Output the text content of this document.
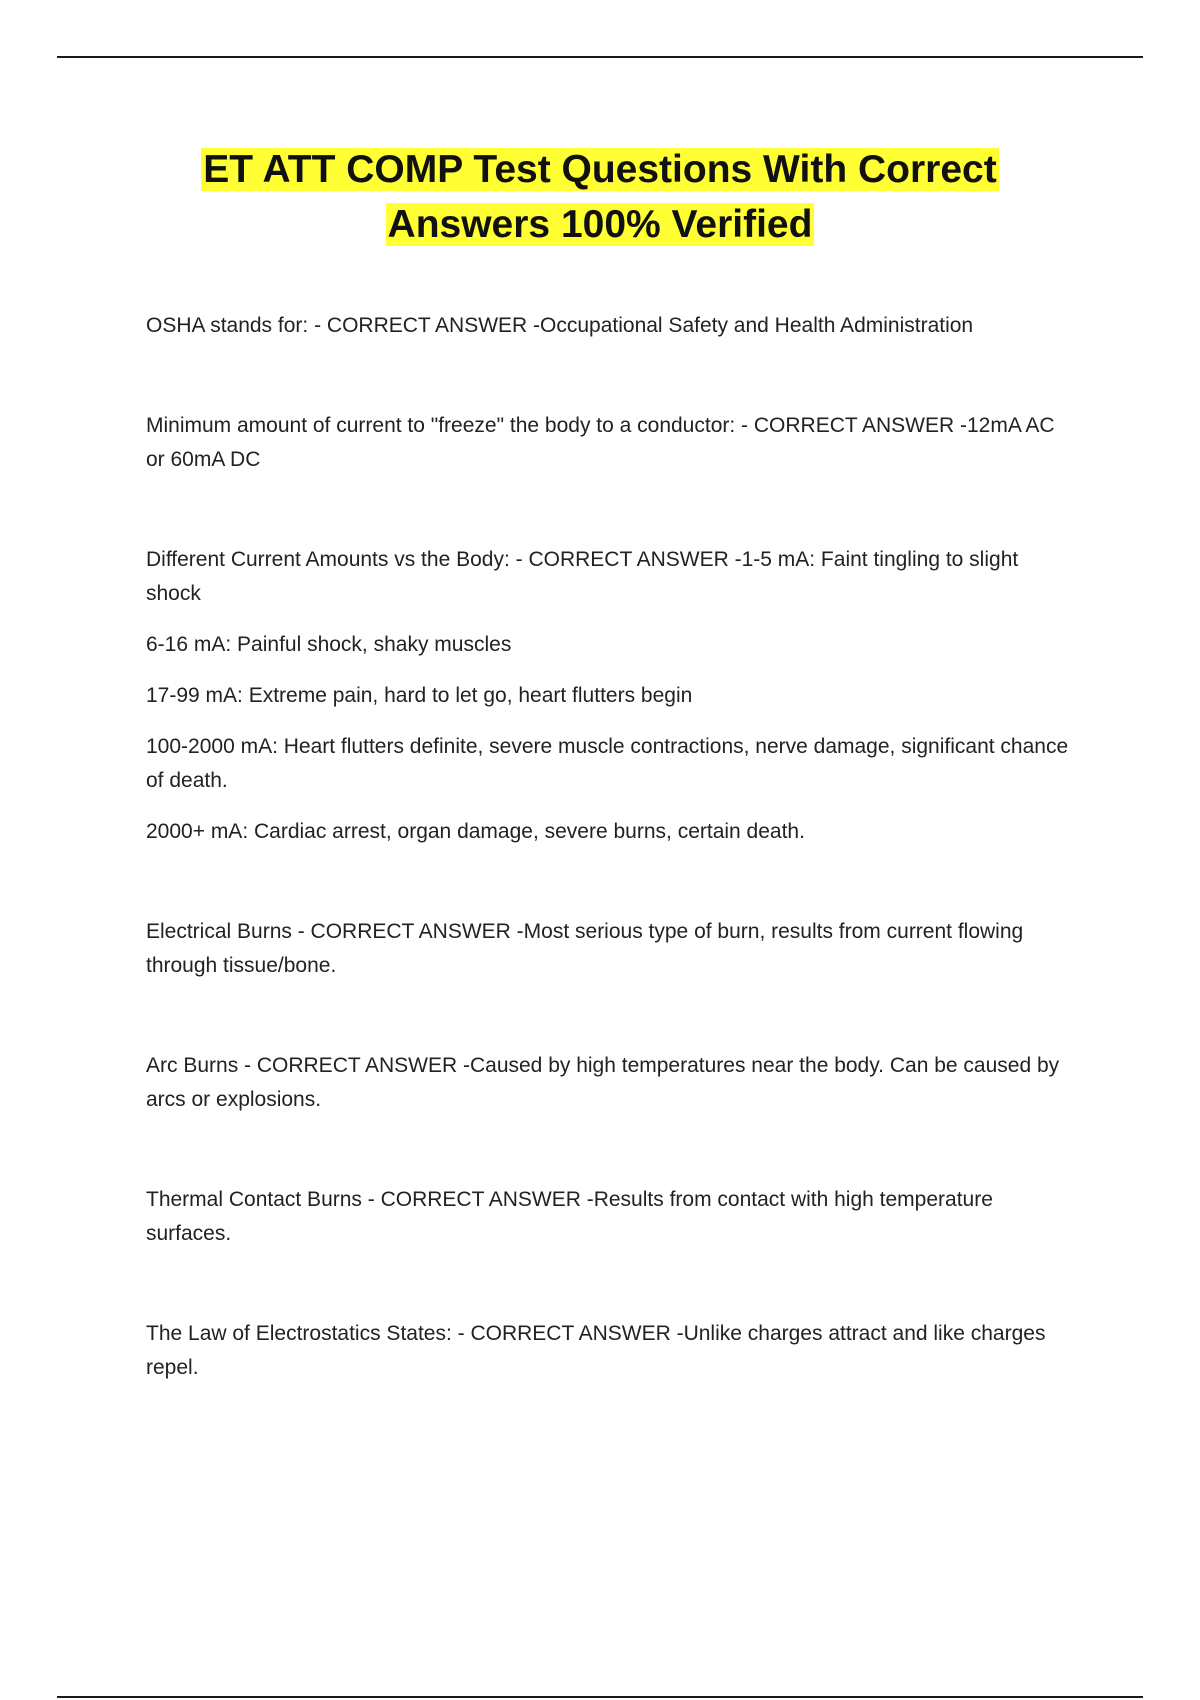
ET ATT COMP Test Questions With Correct
Answers 100% Verified

OSHA stands for: - CORRECT ANSWER -Occupational Safety and Health Administration

Minimum amount of current to "freeze" the body to a conductor: - CORRECT ANSWER -12mA AC or 60mA DC

Different Current Amounts vs the Body: - CORRECT ANSWER -1-5 mA: Faint tingling to slight shock

6-16 mA: Painful shock, shaky muscles

17-99 mA: Extreme pain, hard to let go, heart flutters begin

100-2000 mA: Heart flutters definite, severe muscle contractions, nerve damage, significant chance of death.

2000+ mA: Cardiac arrest, organ damage, severe burns, certain death.

Electrical Burns - CORRECT ANSWER -Most serious type of burn, results from current flowing through tissue/bone.

Arc Burns - CORRECT ANSWER -Caused by high temperatures near the body. Can be caused by arcs or explosions.

Thermal Contact Burns - CORRECT ANSWER -Results from contact with high temperature surfaces.

The Law of Electrostatics States: - CORRECT ANSWER -Unlike charges attract and like charges repel.
